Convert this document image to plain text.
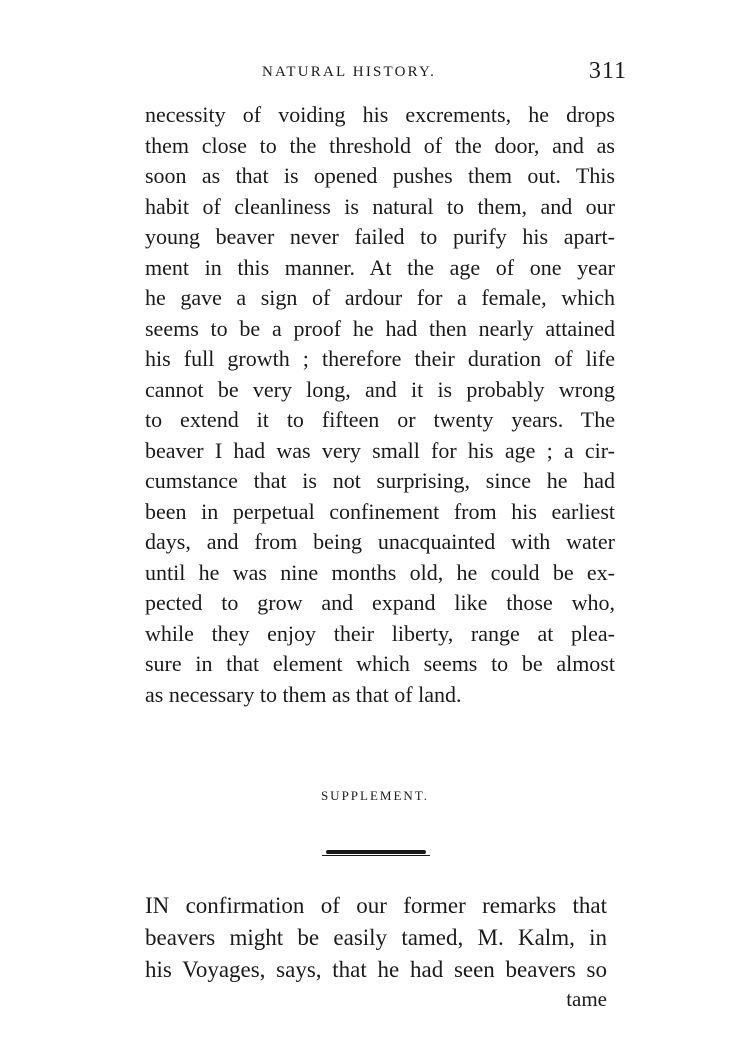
NATURAL HISTORY.	311
necessity of voiding his excrements, he drops
them close to the threshold of the door, and as
soon as that is opened pushes them out. This
habit of cleanliness is natural to them, and our
young beaver never failed to purify his apart-
ment in this manner. At the age of one year
he gave a sign of ardour for a female, which
seems to be a proof he had then nearly attained
his full growth ; therefore their duration of life
cannot be very long, and it is probably wrong
to extend it to fifteen or twenty years. The
beaver I had was very small for his age ; a cir-
cumstance that is not surprising, since he had
been in perpetual confinement from his earliest
days, and from being unacquainted with water
until he was nine months old, he could be ex-
pected to grow and expand like those who,
while they enjoy their liberty, range at plea-
sure in that element which seems to be almost
as necessary to them as that of land.
SUPPLEMENT.
IN confirmation of our former remarks that
beavers might be easily tamed, M. Kalm, in
his Voyages, says, that he had seen beavers so
tame
